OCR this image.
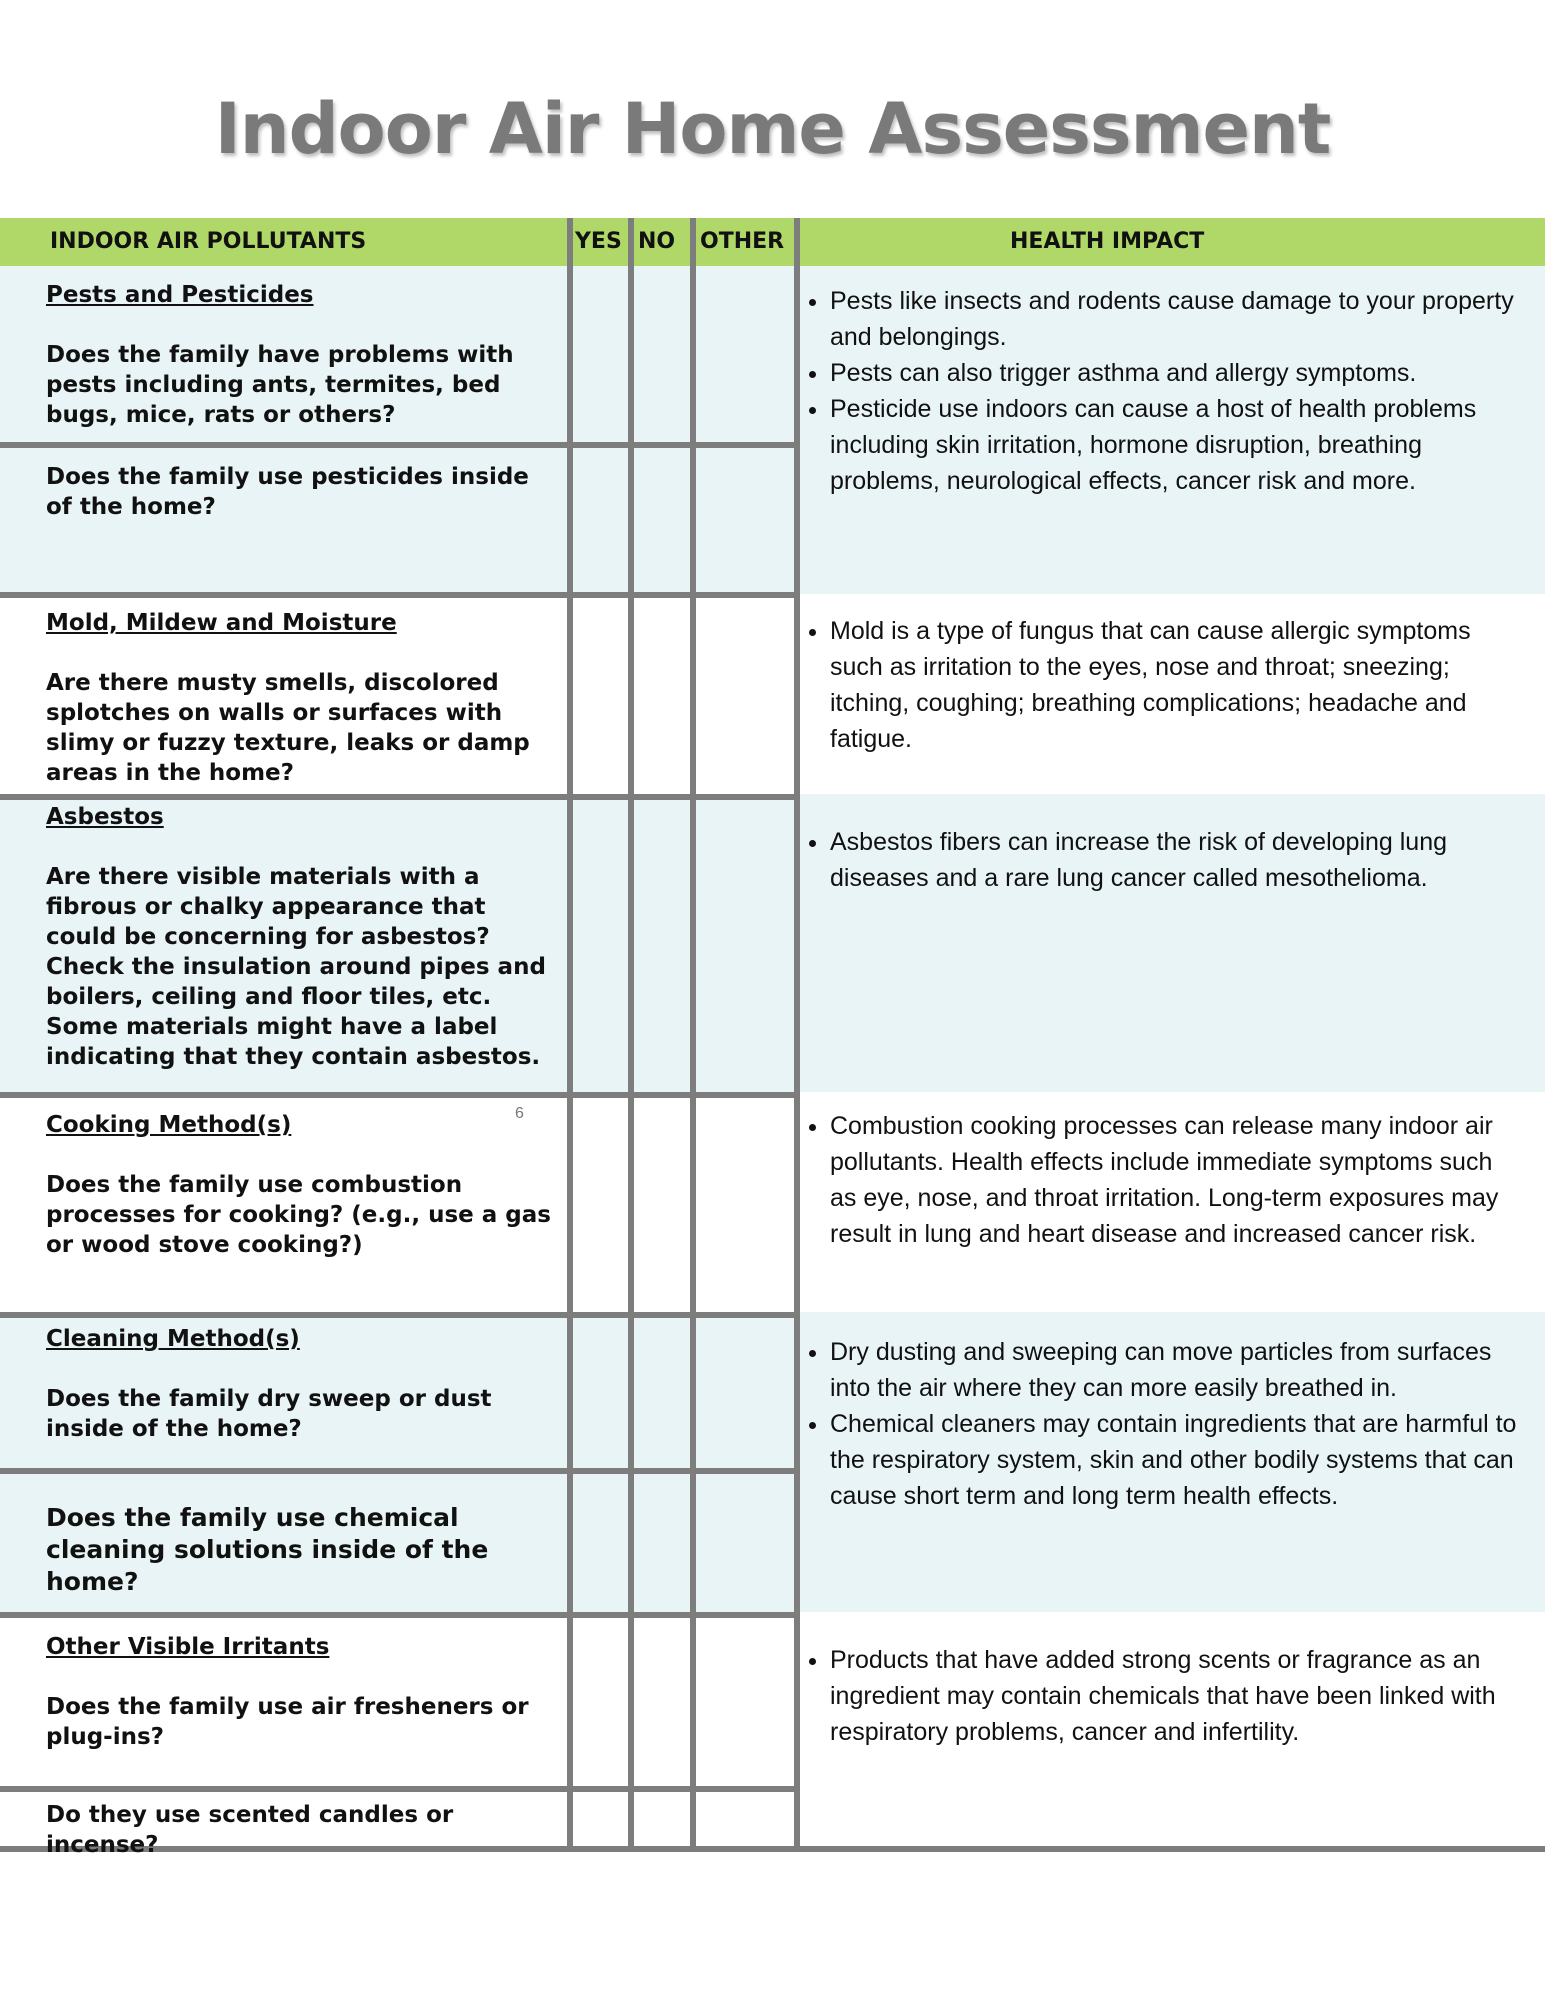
Indoor Air Home Assessment
INDOOR AIR POLLUTANTS	YES NO OTHER	HEALTH IMPACT
Pests and Pesticides
Does the family have problems with pests including ants, termites, bed bugs, mice, rats or others?
Does the family use pesticides inside of the home?
Mold, Mildew and Moisture
Are there musty smells, discolored splotches on walls or surfaces with slimy or fuzzy texture, leaks or damp areas in the home?
Asbestos
Are there visible materials with a fibrous or chalky appearance that could be concerning for asbestos? Check the insulation around pipes and boilers, ceiling and floor tiles, etc. Some materials might have a label indicating that they contain asbestos.
Cooking Method(s)
Does the family use combustion processes for cooking? (e.g., use a gas or wood stove cooking?)
6
Cleaning Method(s)
Does the family dry sweep or dust inside of the home?
Does the family use chemical cleaning solutions inside of the home?
Other Visible Irritants
Does the family use air fresheners or plug-ins?
Do they use scented candles or incense?
• Pests like insects and rodents cause damage to your property and belongings.
• Pests can also trigger asthma and allergy symptoms.
• Pesticide use indoors can cause a host of health problems including skin irritation, hormone disruption, breathing problems, neurological effects, cancer risk and more.
• Mold is a type of fungus that can cause allergic symptoms such as irritation to the eyes, nose and throat; sneezing; itching, coughing; breathing complications; headache and fatigue.
• Asbestos fibers can increase the risk of developing lung diseases and a rare lung cancer called mesothelioma.
• Combustion cooking processes can release many indoor air pollutants. Health effects include immediate symptoms such as eye, nose, and throat irritation. Long-term exposures may result in lung and heart disease and increased cancer risk.
• Dry dusting and sweeping can move particles from surfaces into the air where they can more easily breathed in.
• Chemical cleaners may contain ingredients that are harmful to the respiratory system, skin and other bodily systems that can cause short term and long term health effects.
• Products that have added strong scents or fragrance as an ingredient may contain chemicals that have been linked with respiratory problems, cancer and infertility.
